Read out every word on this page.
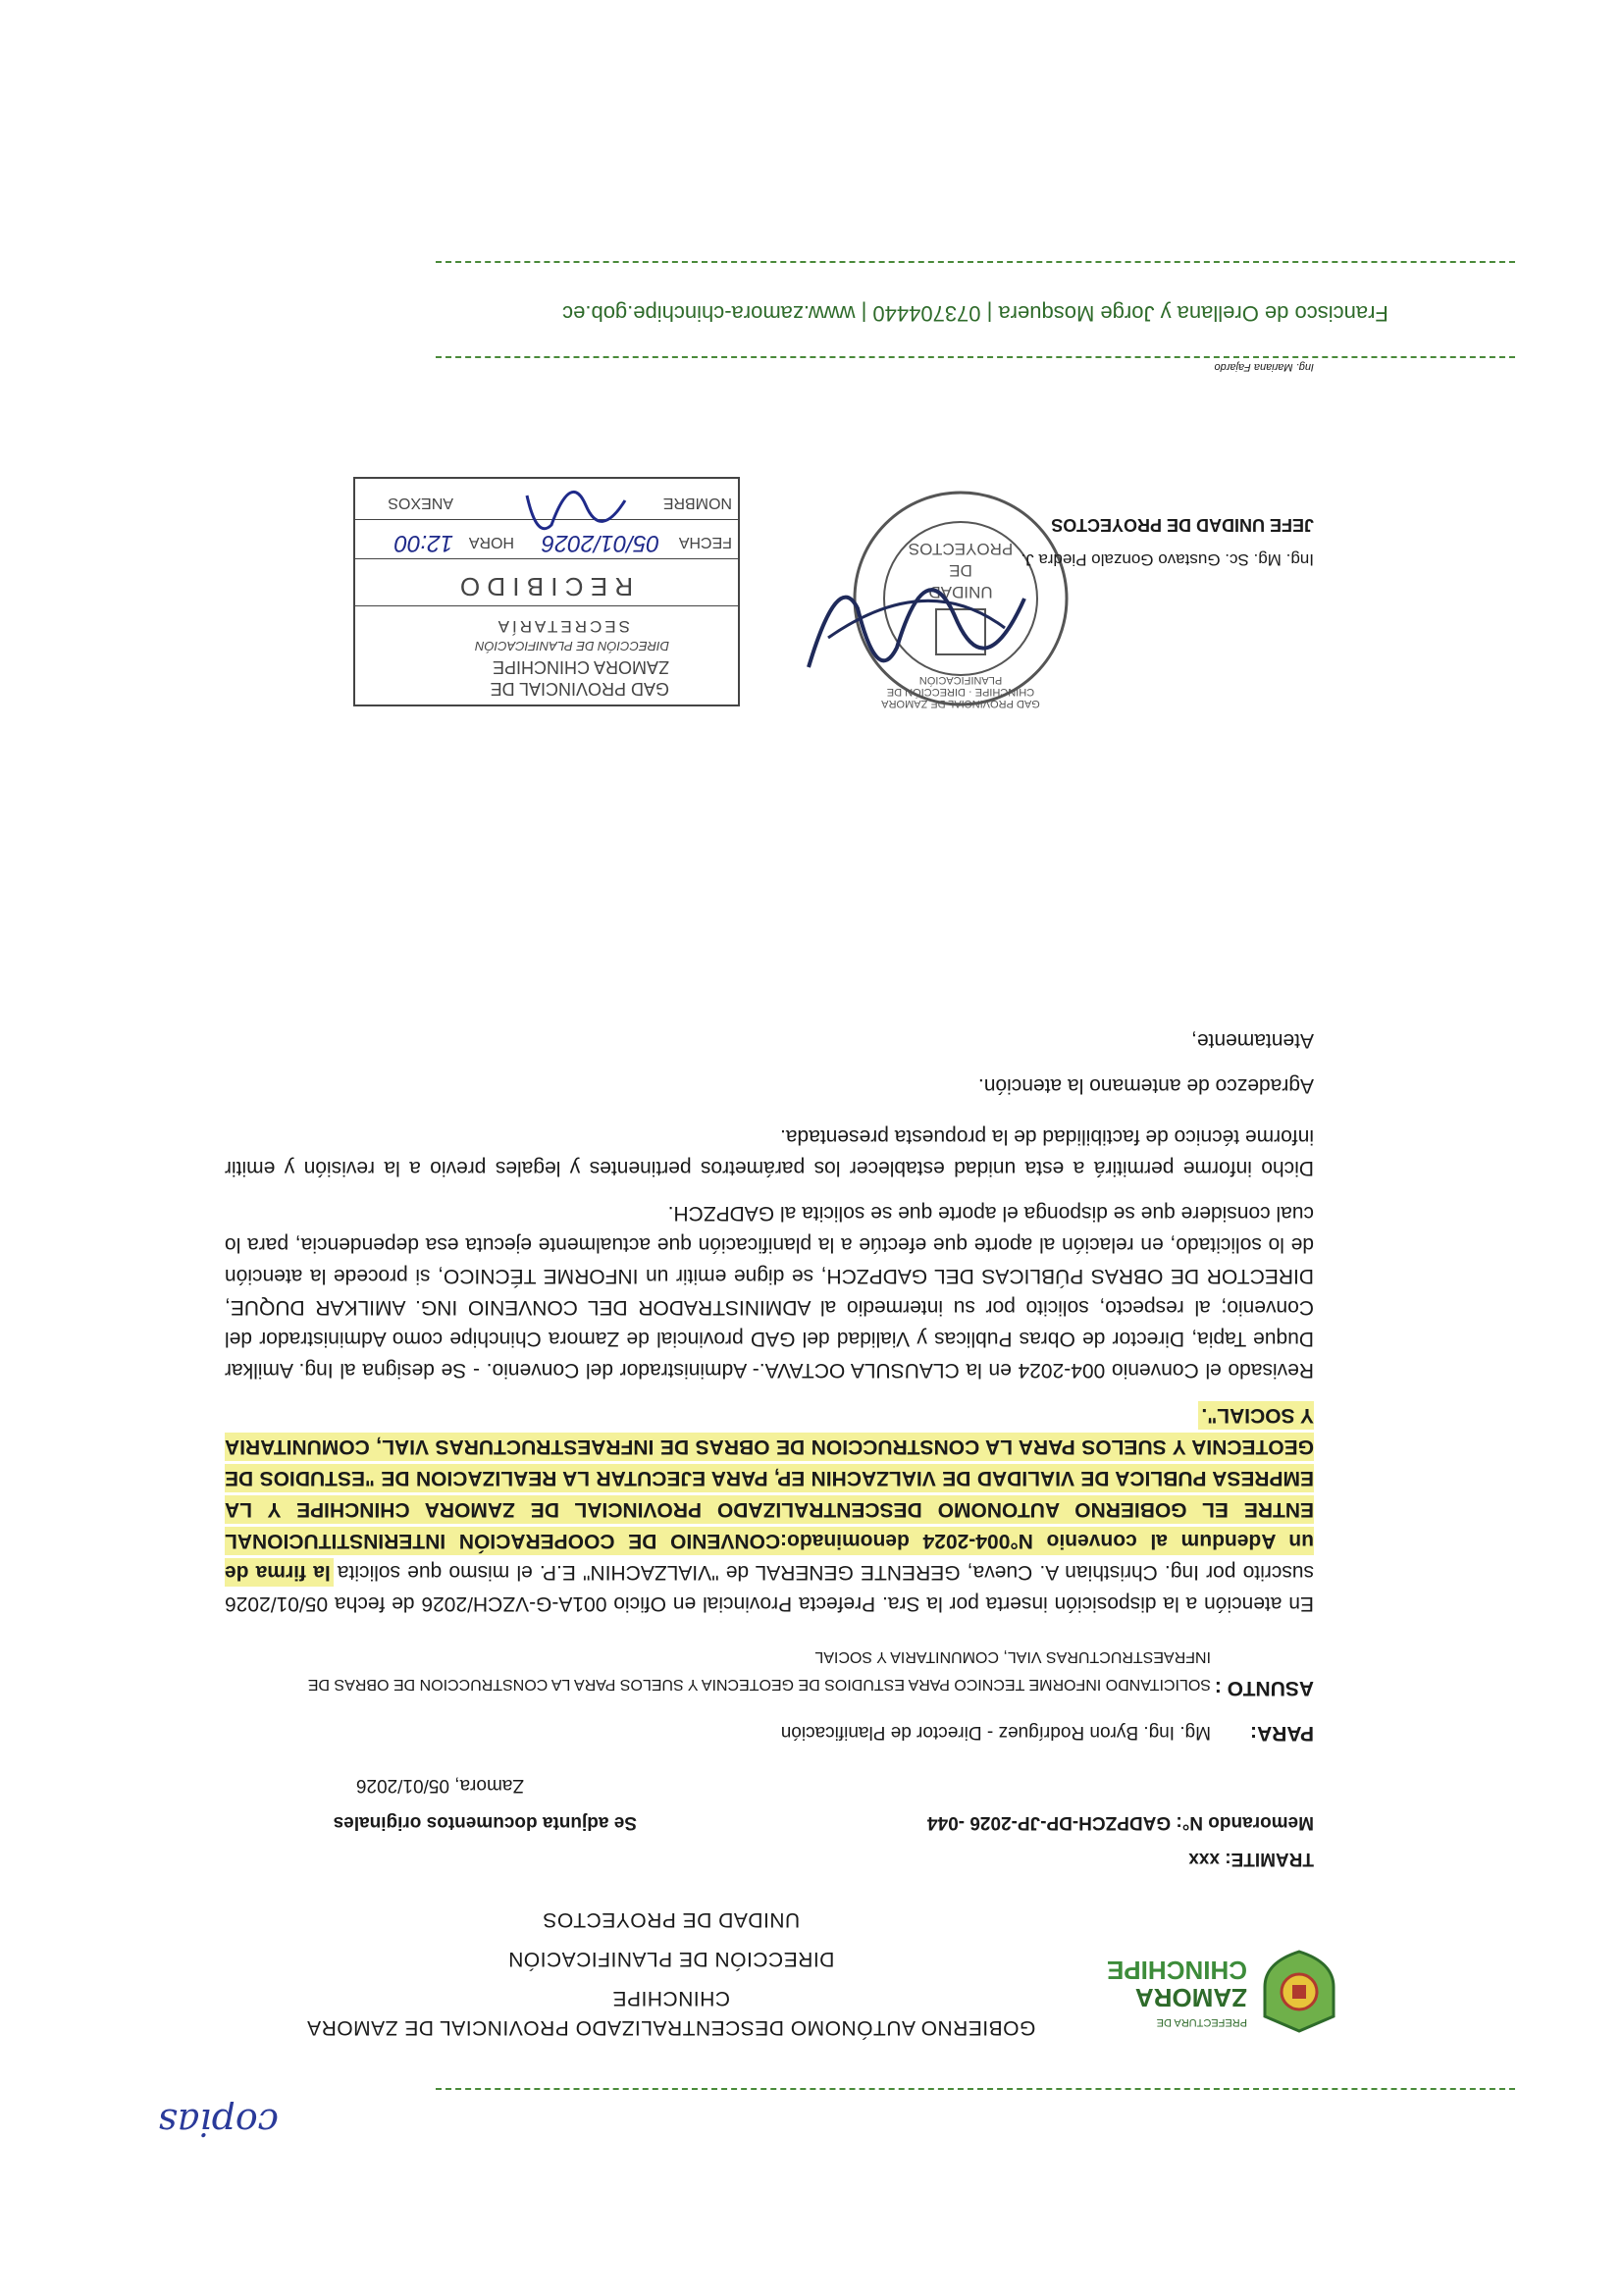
PREFECTURA DE
ZAMORA
CHINCHIPE
GOBIERNO AUTÓNOMO DESCENTRALIZADO PROVINCIAL DE ZAMORA
CHINCHIPE
DIRECCIÓN DE PLANIFICACIÓN
UNIDAD DE PROYECTOS
TRAMITE: xxx
Memorando N°: GADPZCH-DP-JP-2026 -044
Se adjunta documentos originales
Zamora, 05/01/2026
PARA:
Mg. Ing. Byron Rodríguez - Director de Planificación
ASUNTO :
SOLICITANDO INFORME TECNICO PARA ESTUDIOS DE GEOTECNIA Y SUELOS PARA LA CONSTRUCCION DE OBRAS DE INFRAESTRUCTURAS VIAL, COMUNITARIA Y SOCIAL

En atención a la disposición inserta por la Sra. Prefecta Provincial en Oficio 001A-G-VZCH/2026 de fecha 05/01/2026 suscrito por Ing. Christhian A. Cueva, GERENTE GENERAL de "VIALZACHIN" E.P. el mismo que solicita la firma de un Adendum al convenio N°004-2024 denominado:CONVENIO DE COOPERACIÓN INTERINSTITUCIONAL ENTRE EL GOBIERNO AUTONOMO DESCENTRALIZADO PROVINCIAL DE ZAMORA CHINCHIPE Y LA EMPRESA PUBLICA DE VIALIDAD DE VIALZACHIN EP, PARA EJECUTAR LA REALIZACION DE "ESTUDIOS DE GEOTECNIA Y SUELOS PARA LA CONSTRUCCION DE OBRAS DE INFRAESTRUCTURAS VIAL, COMUNITARIA Y SOCIAL".

Revisado el Convenio 004-2024 en la CLAUSULA OCTAVA.- Administrador del Convenio. - Se designa al Ing. Amilkar Duque Tapia, Director de Obras Publicas y Vialidad del GAD provincial de Zamora Chinchipe como Administrador del Convenio; al respecto, solicito por su intermedio al ADMINISTRADOR DEL CONVENIO ING. AMILKAR DUQUE, DIRECTOR DE OBRAS PÚBLICAS DEL GADPZCH, se digne emitir un INFORME TÉCNICO, si procede la atención de lo solicitado, en relación al aporte que efectúe a la planificación que actualmente ejecuta esa dependencia, para lo cual considere que se disponga el aporte que se solicita al GADPZCH.

Dicho informe permitirá a esta unidad establecer los parámetros pertinentes y legales previo a la revisión y emitir informe técnico de factibilidad de la propuesta presentada.

Agradezco de antemano la atención.

Atentamente,

GAD PROVINCIAL DE ZAMORA CHINCHIPE · DIRECCIÓN DE PLANIFICACIÓN
UNIDAD
DE
PROYECTOS
GAD PROVINCIAL DE
ZAMORA CHINCHIPE
DIRECCIÓN DE PLANIFICACIÓN
SECRETARÍA
R E C I B I D O
FECHA
05/01/2026
HORA
12:00
NOMBRE
ANEXOS
Ing. Mg. Sc. Gustavo Gonzalo Piedra J.
JEFE UNIDAD DE PROYECTOS
Ing. Mariana Fajardo
Francisco de Orellana y Jorge Mosquera | 073704440 | www.zamora-chinchipe.gob.ec
copias
